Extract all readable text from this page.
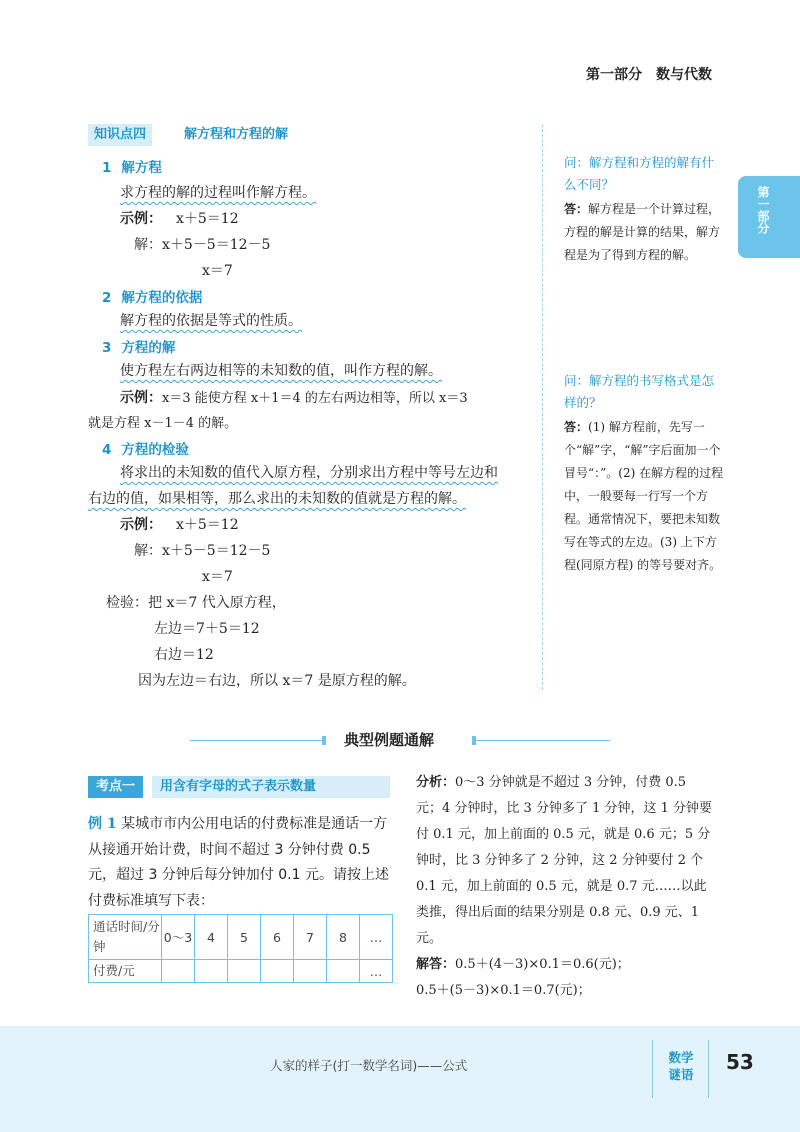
第一部分　数与代数
第一部分
知识点四	解方程和方程的解
1 解方程
求方程的解的过程叫作解方程。
示例： x＋5＝12
解：x＋5－5＝12－5
x＝7
2 解方程的依据
解方程的依据是等式的性质。
3 方程的解
使方程左右两边相等的未知数的值，叫作方程的解。
示例：x＝3 能使方程 x＋1＝4 的左右两边相等，所以 x＝3
就是方程 x－1－4 的解。
4 方程的检验
将求出的未知数的值代入原方程，分别求出方程中等号左边和
右边的值，如果相等，那么求出的未知数的值就是方程的解。
示例： x＋5＝12
解：x＋5－5＝12－5
x＝7
检验：把 x＝7 代入原方程，
左边＝7＋5＝12
右边＝12
因为左边＝右边，所以 x＝7 是原方程的解。
问：解方程和方程的解有什么不同？
答：解方程是一个计算过程，方程的解是计算的结果，解方程是为了得到方程的解。
问：解方程的书写格式是怎样的？
答：(1) 解方程前，先写一个“解”字，“解”字后面加一个冒号“：”。(2) 在解方程的过程中，一般要每一行写一个方程。通常情况下，要把未知数写在等式的左边。(3) 上下方程(同原方程) 的等号要对齐。
典型例题通解
考点一	用含有字母的式子表示数量
例 1 某城市市内公用电话的付费标准是通话一方从接通开始计费，时间不超过 3 分钟付费 0.5 元，超过 3 分钟后每分钟加付 0.1 元。请按上述付费标准填写下表：
通话时间/分钟	0～3	4	5	6	7	8	…
付费/元							…
分析：0～3 分钟就是不超过 3 分钟，付费 0.5 元；4 分钟时，比 3 分钟多了 1 分钟，这 1 分钟要付 0.1 元，加上前面的 0.5 元，就是 0.6 元；5 分钟时，比 3 分钟多了 2 分钟，这 2 分钟要付 2 个 0.1 元，加上前面的 0.5 元，就是 0.7 元……以此类推，得出后面的结果分别是 0.8 元、0.9 元、1 元。
解答：0.5＋(4－3)×0.1＝0.6(元)；
0.5＋(5－3)×0.1＝0.7(元)；
人家的样子(打一数学名词)——公式
数学谜语
53
